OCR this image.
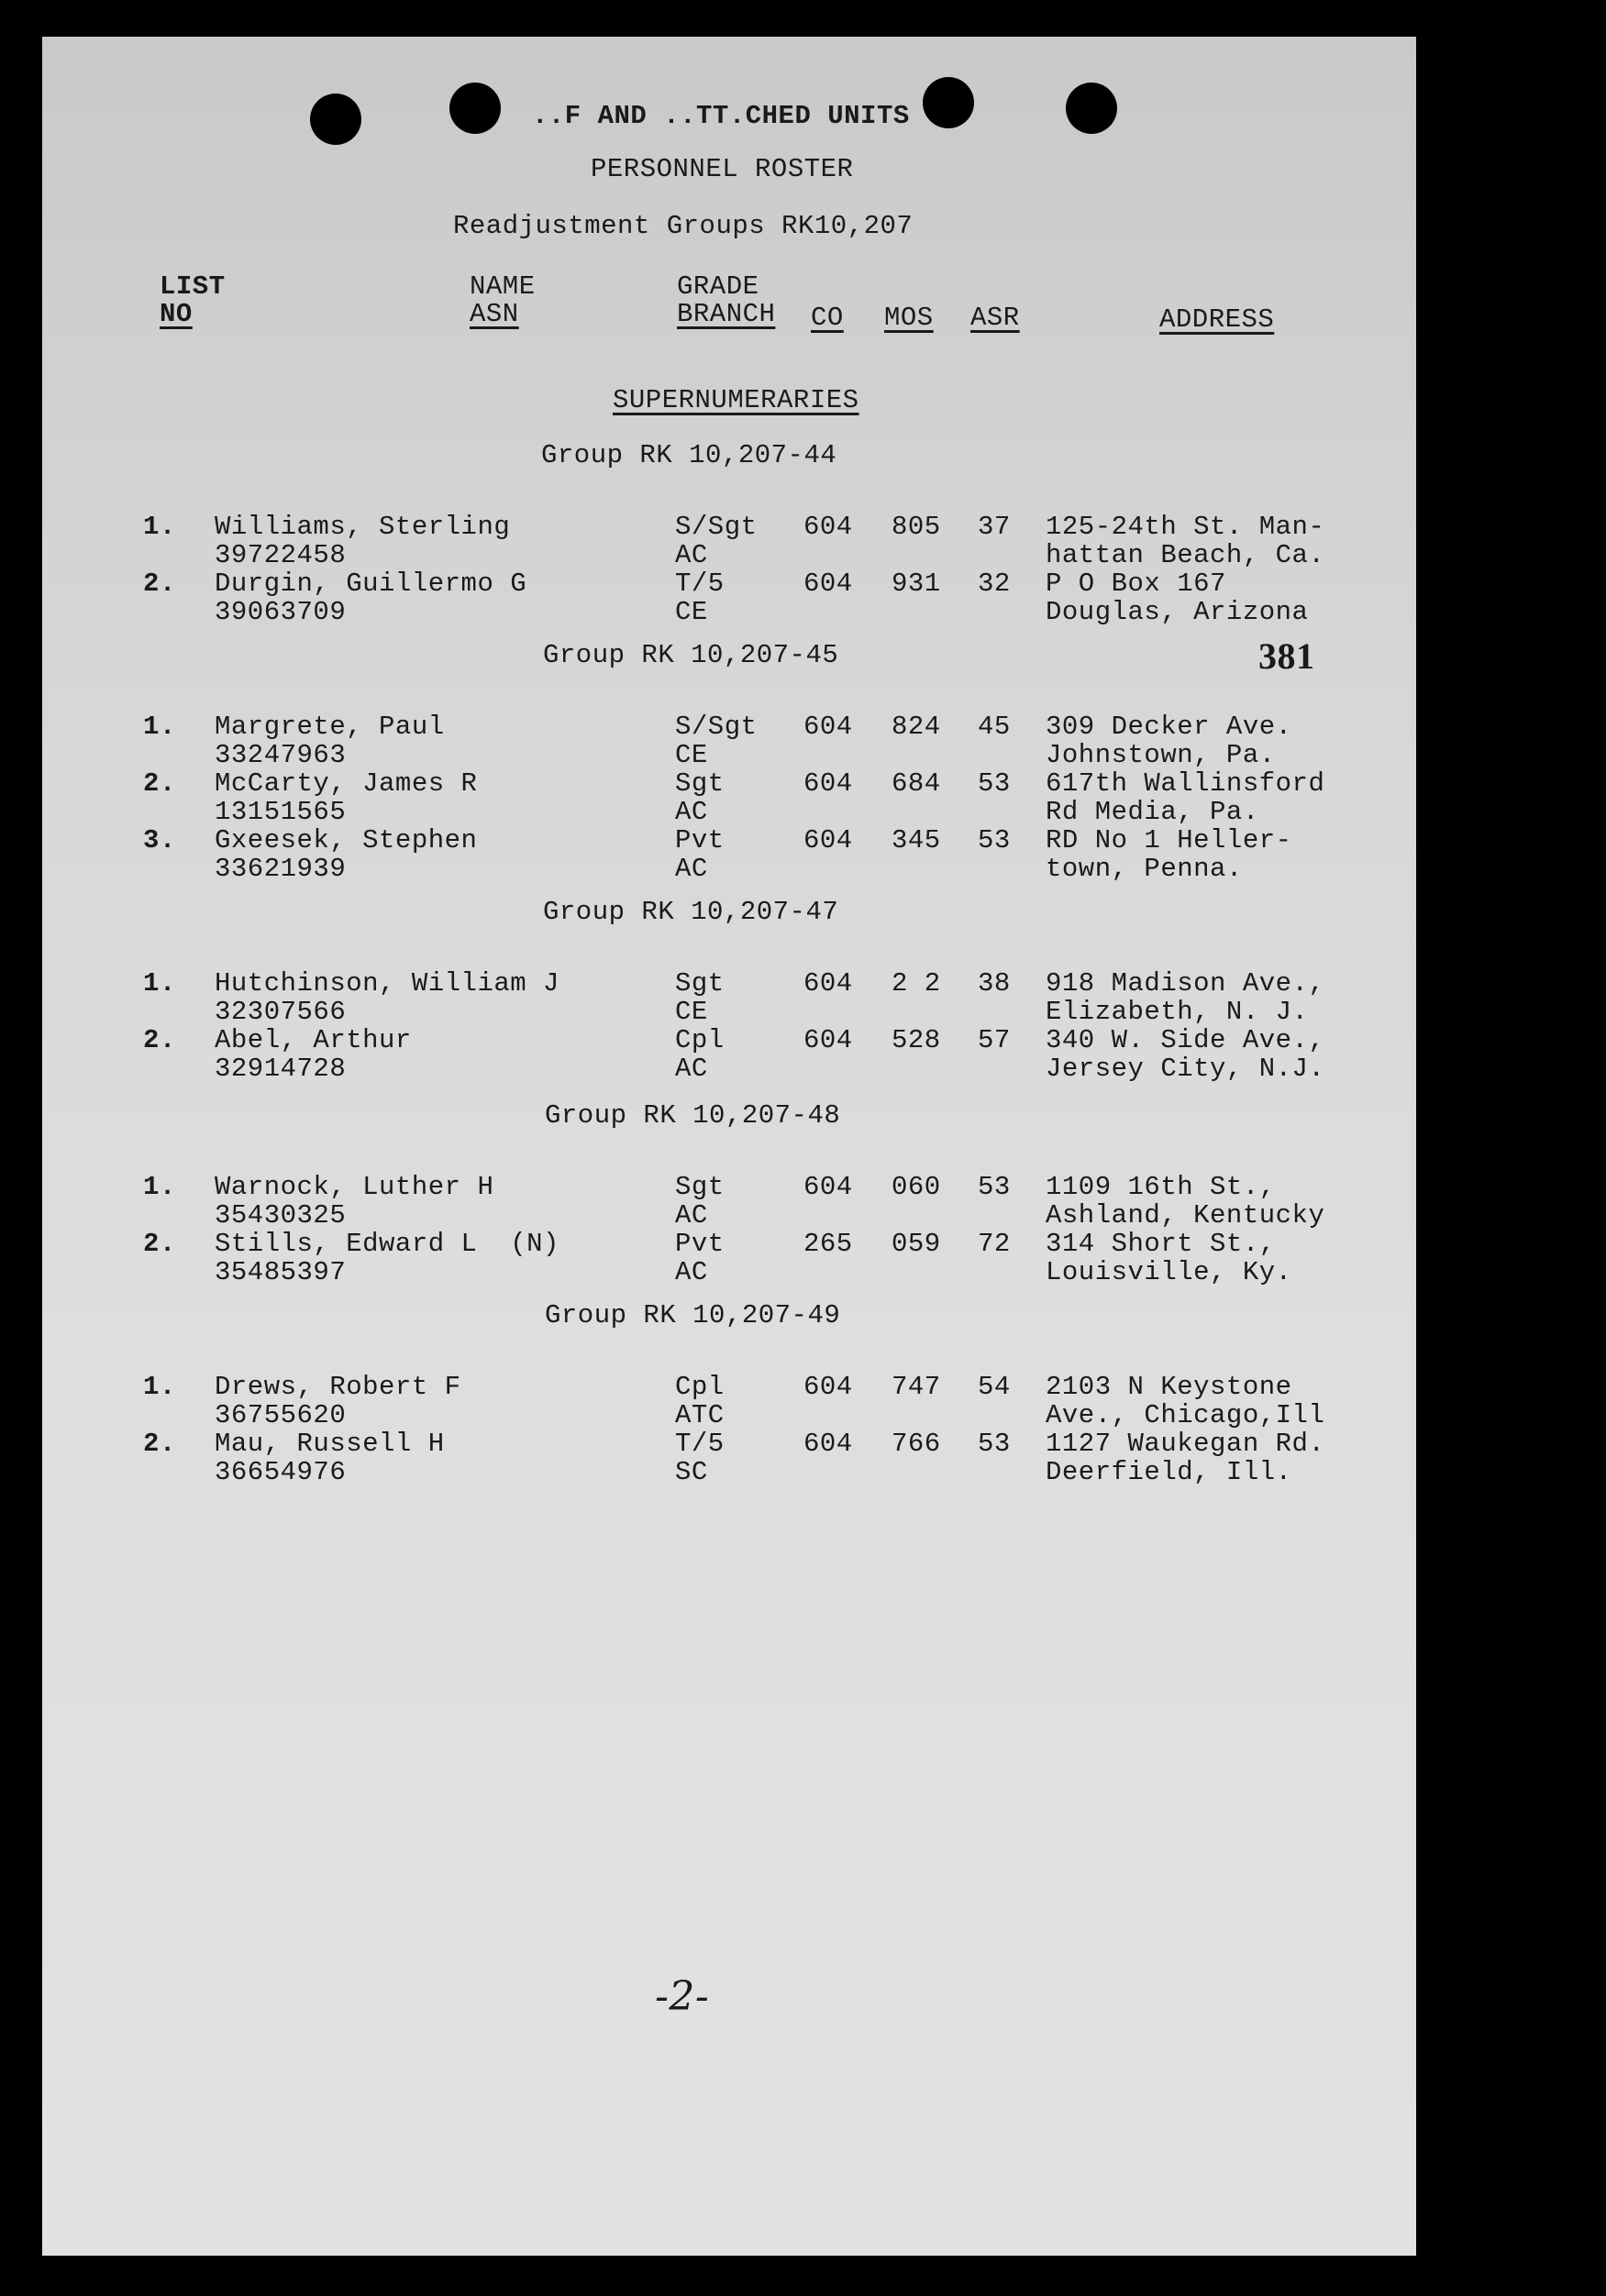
..F AND ..TT.CHED UNITS
PERSONNEL ROSTER
Readjustment Groups RK10,207
LIST
NO
NAME
ASN
GRADE
BRANCH CO MOS ASR	ADDRESS
SUPERNUMERARIES
381
Group RK 10,207-44
1. Williams, Sterling
39722458
S/Sgt
AC
604 805 37 125-24th St. Man-
hattan Beach, Ca.
2. Durgin, Guillermo G
39063709
T/5
CE
604 931 32 P O Box 167
Douglas, Arizona
Group RK 10,207-45
1. Margrete, Paul
33247963
S/Sgt
CE
604 824 45 309 Decker Ave.
Johnstown, Pa.
2. McCarty, James R
13151565
Sgt
AC
604 684 53 617th Wallinsford
Rd Media, Pa.
3. Gxeesek, Stephen
33621939
Pvt
AC
604 345 53 RD No 1 Heller-
town, Penna.
Group RK 10,207-47
1. Hutchinson, William J
32307566
Sgt
CE
604 2 2 38 918 Madison Ave.,
Elizabeth, N. J.
2. Abel, Arthur
32914728
Cpl
AC
604 528 57 340 W. Side Ave.,
Jersey City, N.J.
Group RK 10,207-48
1. Warnock, Luther H
35430325
Sgt
AC
604 060 53 1109 16th St.,
Ashland, Kentucky
2. Stills, Edward L  (N)
35485397
Pvt
AC
265 059 72 314 Short St.,
Louisville, Ky.
Group RK 10,207-49
1. Drews, Robert F
36755620
Cpl
ATC
604 747 54 2103 N Keystone
Ave., Chicago,Ill
2. Mau, Russell H
36654976
T/5
SC
604 766 53 1127 Waukegan Rd.
Deerfield, Ill.
-2-
